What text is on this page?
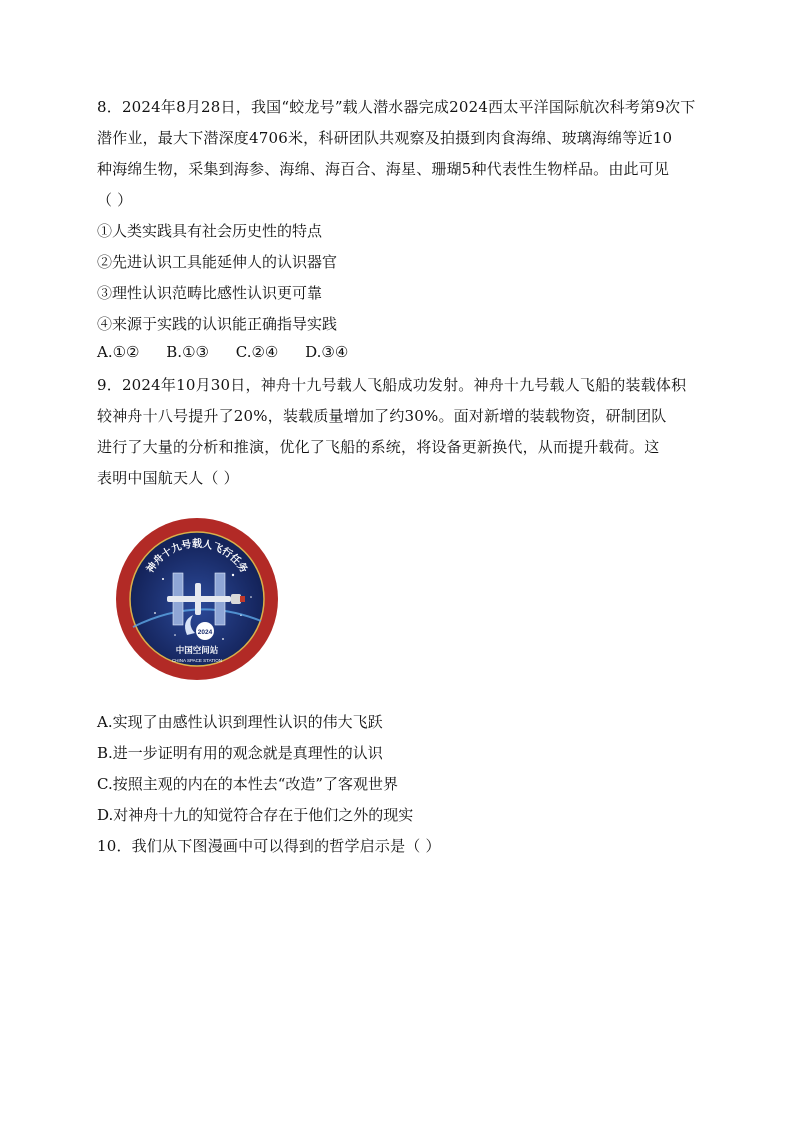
8．2024年8月28日，我国“蛟龙号”载人潜水器完成2024西太平洋国际航次科考第9次下
潜作业，最大下潜深度4706米，科研团队共观察及拍摄到肉食海绵、玻璃海绵等近10
种海绵生物，采集到海参、海绵、海百合、海星、珊瑚5种代表性生物样品。由此可见
（ ）
①人类实践具有社会历史性的特点
②先进认识工具能延伸人的认识器官
③理性认识范畴比感性认识更可靠
④来源于实践的认识能正确指导实践
A.①② B.①③ C.②④ D.③④
9．2024年10月30日，神舟十九号载人飞船成功发射。神舟十九号载人飞船的装载体积
较神舟十八号提升了20%，装载质量增加了约30%。面对新增的装载物资，研制团队
进行了大量的分析和推演，优化了飞船的系统，将设备更新换代，从而提升载荷。这
表明中国航天人（ ）
2024
神舟十九号载人飞行任务
中国空间站
CHINA SPACE STATION
A.实现了由感性认识到理性认识的伟大飞跃
B.进一步证明有用的观念就是真理性的认识
C.按照主观的内在的本性去“改造”了客观世界
D.对神舟十九的知觉符合存在于他们之外的现实
10．我们从下图漫画中可以得到的哲学启示是（ ）
